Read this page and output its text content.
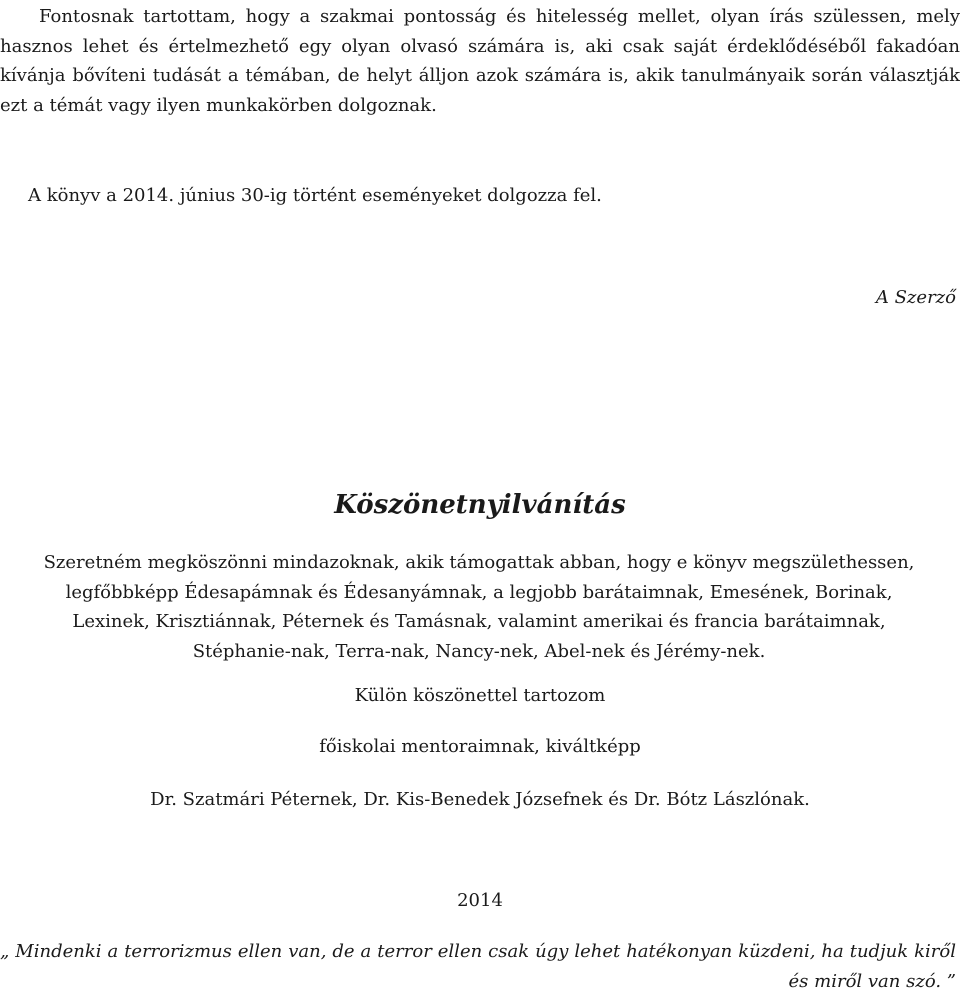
Fontosnak tartottam, hogy a szakmai pontosság és hitelesség mellet, olyan írás szülessen, mely hasznos lehet és értelmezhető egy olyan olvasó számára is, aki csak saját érdeklődéséből fakadóan kívánja bővíteni tudását a témában, de helyt álljon azok számára is, akik tanulmányaik során választják ezt a témát vagy ilyen munkakörben dolgoznak.

A könyv a 2014. június 30-ig történt eseményeket dolgozza fel.

A Szerző

Köszönetnyilvánítás

Szeretném megköszönni mindazoknak, akik támogattak abban, hogy e könyv megszülethessen, legfőbbképp Édesapámnak és Édesanyámnak, a legjobb barátaimnak, Emesének, Borinak, Lexinek, Krisztiánnak, Péternek és Tamásnak, valamint amerikai és francia barátaimnak, Stéphanie-nak, Terra-nak, Nancy-nek, Abel-nek és Jérémy-nek.

Külön köszönettel tartozom

főiskolai mentoraimnak, kiváltképp

Dr. Szatmári Péternek, Dr. Kis-Benedek Józsefnek és Dr. Bótz Lászlónak.

2014

„ Mindenki a terrorizmus ellen van, de a terror ellen csak úgy lehet hatékonyan küzdeni, ha tudjuk kiről és miről van szó. ”
